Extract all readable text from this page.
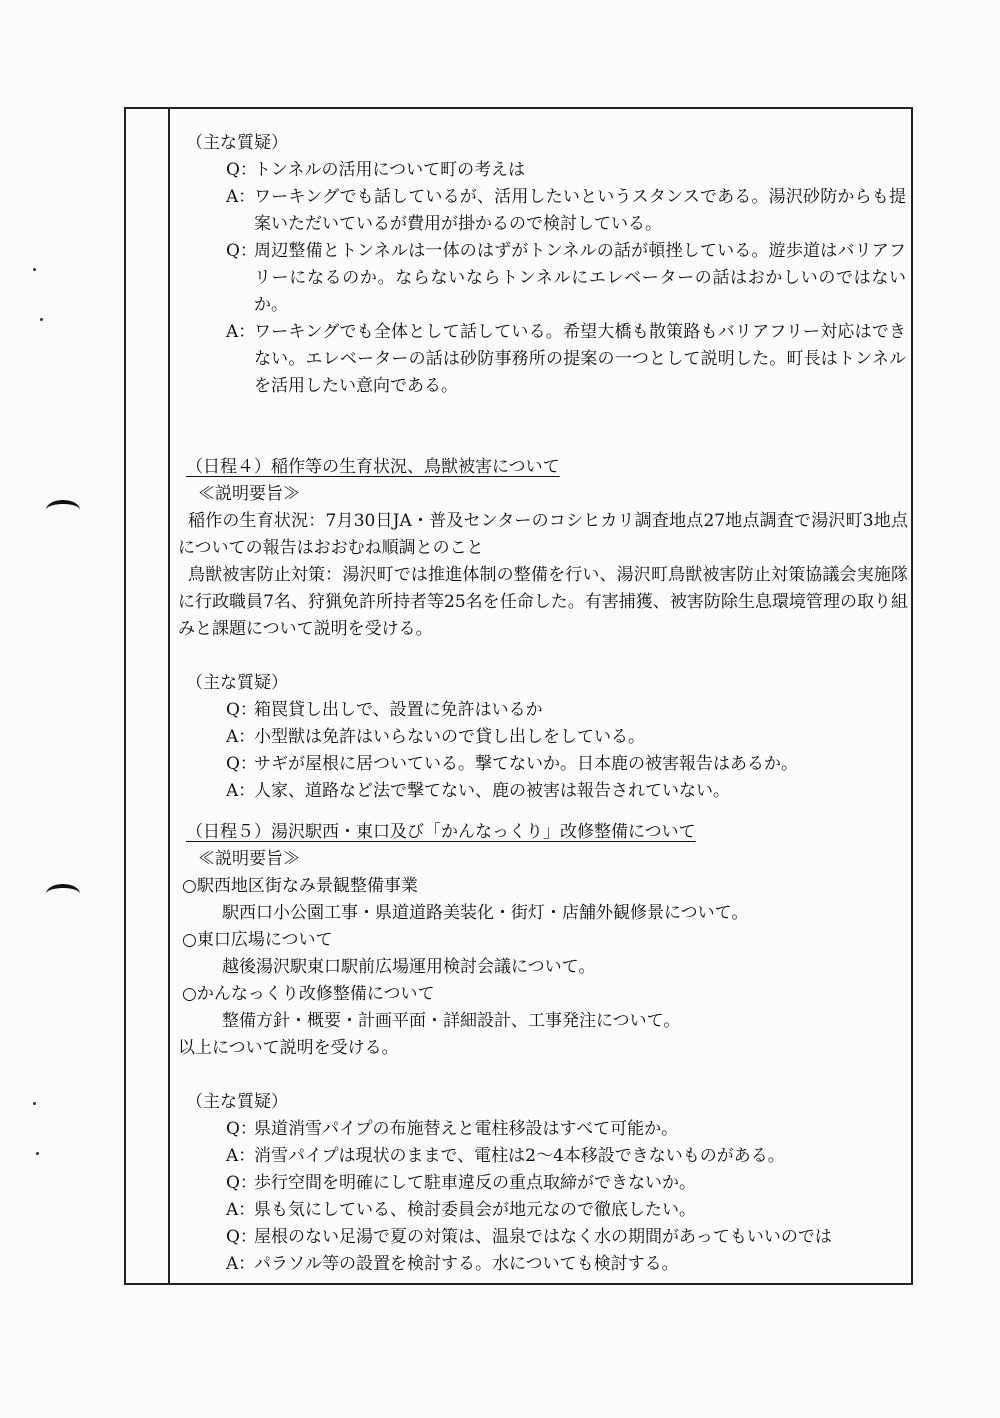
（主な質疑）
Q：
トンネルの活用について町の考えは
A：
ワーキングでも話しているが、活用したいというスタンスである。湯沢砂防からも提案いただいているが費用が掛かるので検討している。
Q：
周辺整備とトンネルは一体のはずがトンネルの話が頓挫している。遊歩道はバリアフリーになるのか。ならないならトンネルにエレベーターの話はおかしいのではないか。
A：
ワーキングでも全体として話している。希望大橋も散策路もバリアフリー対応はできない。エレベーターの話は砂防事務所の提案の一つとして説明した。町長はトンネルを活用したい意向である。
（日程４）稲作等の生育状況、鳥獣被害について
≪説明要旨≫
稲作の生育状況：7月30日JA・普及センターのコシヒカリ調査地点27地点調査で湯沢町3地点についての報告はおおむね順調とのこと
鳥獣被害防止対策：湯沢町では推進体制の整備を行い、湯沢町鳥獣被害防止対策協議会実施隊に行政職員7名、狩猟免許所持者等25名を任命した。有害捕獲、被害防除生息環境管理の取り組みと課題について説明を受ける。
（主な質疑）
Q：
箱罠貸し出しで、設置に免許はいるか
A：
小型獣は免許はいらないので貸し出しをしている。
Q：
サギが屋根に居ついている。撃てないか。日本鹿の被害報告はあるか。
A：
人家、道路など法で撃てない、鹿の被害は報告されていない。
（日程５）湯沢駅西・東口及び「かんなっくり」改修整備について
≪説明要旨≫
○駅西地区街なみ景観整備事業
駅西口小公園工事・県道道路美装化・街灯・店舗外観修景について。
○東口広場について
越後湯沢駅東口駅前広場運用検討会議について。
○かんなっくり改修整備について
整備方針・概要・計画平面・詳細設計、工事発注について。
以上について説明を受ける。
（主な質疑）
Q：
県道消雪パイプの布施替えと電柱移設はすべて可能か。
A：
消雪パイプは現状のままで、電柱は2～4本移設できないものがある。
Q：
歩行空間を明確にして駐車違反の重点取締ができないか。
A：
県も気にしている、検討委員会が地元なので徹底したい。
Q：
屋根のない足湯で夏の対策は、温泉ではなく水の期間があってもいいのでは
A：
パラソル等の設置を検討する。水についても検討する。
